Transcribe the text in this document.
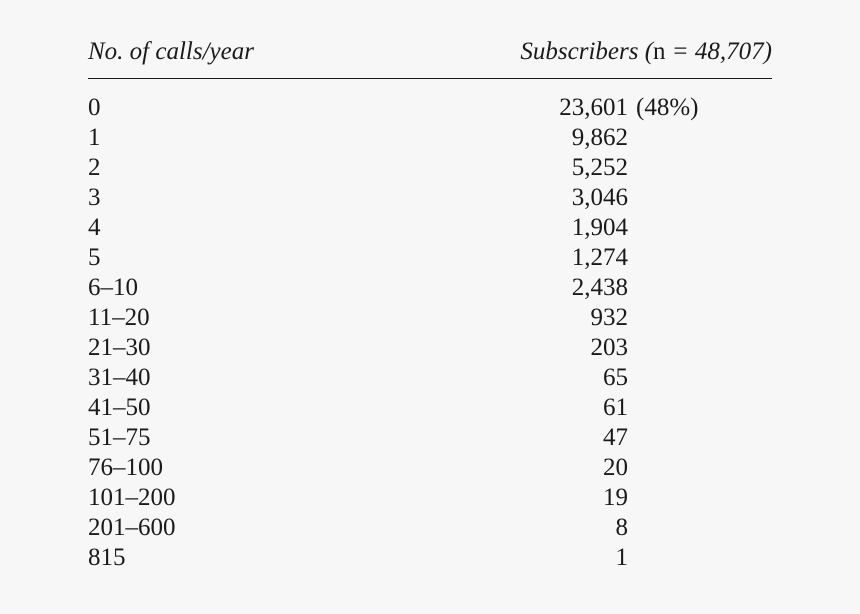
No. of calls/year	Subscribers (n = 48,707)
0	23,601 (48%)
1	9,862
2	5,252
3	3,046
4	1,904
5	1,274
6–10	2,438
11–20	932
21–30	203
31–40	65
41–50	61
51–75	47
76–100	20
101–200	19
201–600	8
815	1
